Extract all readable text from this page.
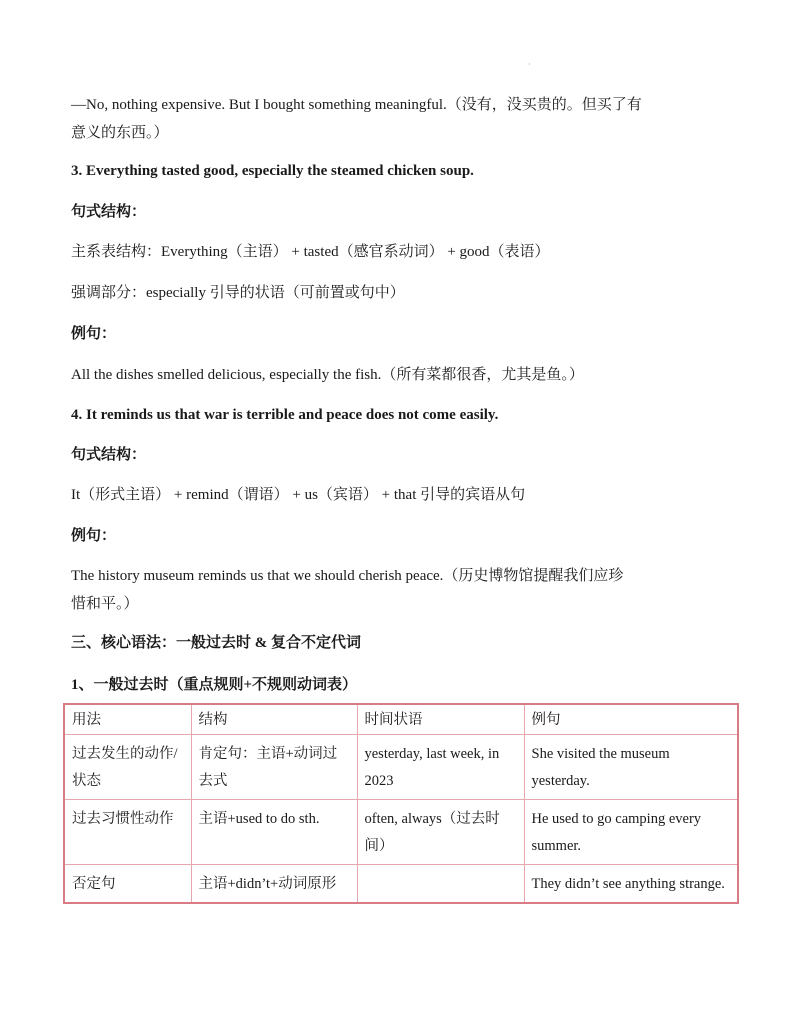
·
—No, nothing expensive. But I bought something meaningful.（没有，没买贵的。但买了有
意义的东西。）
3. Everything tasted good, especially the steamed chicken soup.
句式结构：
主系表结构：Everything（主语） + tasted（感官系动词） + good（表语）
强调部分：especially 引导的状语（可前置或句中）
例句：
All the dishes smelled delicious, especially the fish.（所有菜都很香，尤其是鱼。）
4. It reminds us that war is terrible and peace does not come easily.
句式结构：
It（形式主语） + remind（谓语） + us（宾语） + that 引导的宾语从句
例句：
The history museum reminds us that we should cherish peace.（历史博物馆提醒我们应珍
惜和平。）
三、核心语法：一般过去时 & 复合不定代词
1、一般过去时（重点规则+不规则动词表）
用法	结构	时间状语	例句
过去发生的动作/状态	肯定句：主语+动词过去式	yesterday, last week, in 2023	She visited the museum yesterday.
过去习惯性动作	主语+used to do sth.	often, always（过去时间）	He used to go camping every summer.
否定句	主语+didn’t+动词原形		They didn’t see anything strange.
